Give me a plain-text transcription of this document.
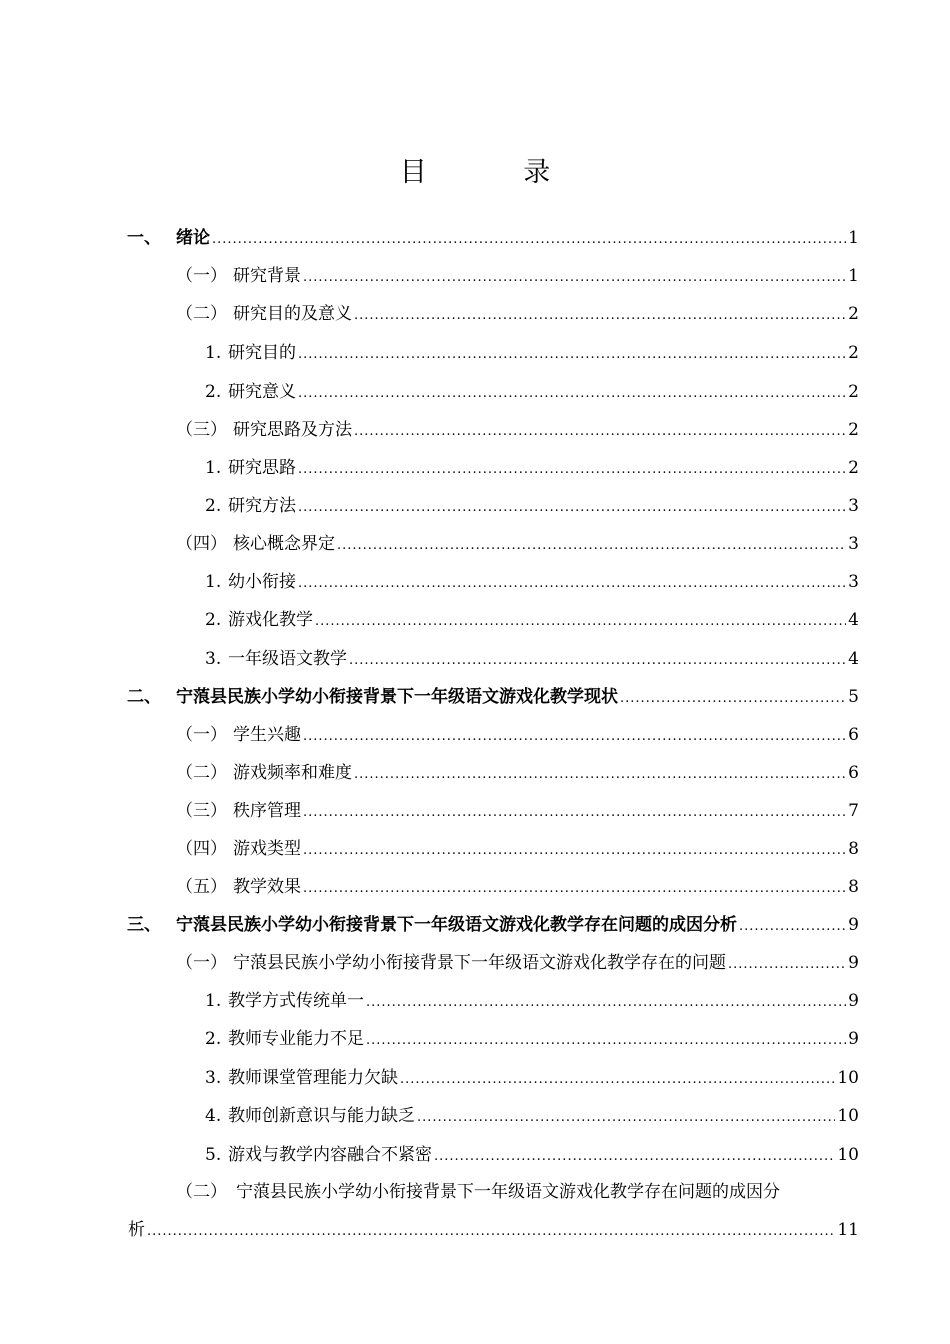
目 录
一、 绪论 .....	1
（一） 研究背景 .....	1
（二） 研究目的及意义 .....	2
1. 研究目的 .....	2
2. 研究意义 .....	2
（三） 研究思路及方法 .....	2
1. 研究思路 .....	2
2. 研究方法 .....	3
（四） 核心概念界定 .....	3
1. 幼小衔接 .....	3
2. 游戏化教学 .....	4
3. 一年级语文教学 .....	4
二、 宁蒗县民族小学幼小衔接背景下一年级语文游戏化教学现状 .....	5
（一） 学生兴趣 .....	6
（二） 游戏频率和难度 .....	6
（三） 秩序管理 .....	7
（四） 游戏类型 .....	8
（五） 教学效果 .....	8
三、 宁蒗县民族小学幼小衔接背景下一年级语文游戏化教学存在问题的成因分析 .....	9
（一） 宁蒗县民族小学幼小衔接背景下一年级语文游戏化教学存在的问题 .....	9
1. 教学方式传统单一 .....	9
2. 教师专业能力不足 .....	9
3. 教师课堂管理能力欠缺 .....	10
4. 教师创新意识与能力缺乏 .....	10
5. 游戏与教学内容融合不紧密 .....	10
（二） 宁蒗县民族小学幼小衔接背景下一年级语文游戏化教学存在问题的成因分
析 .....	11
